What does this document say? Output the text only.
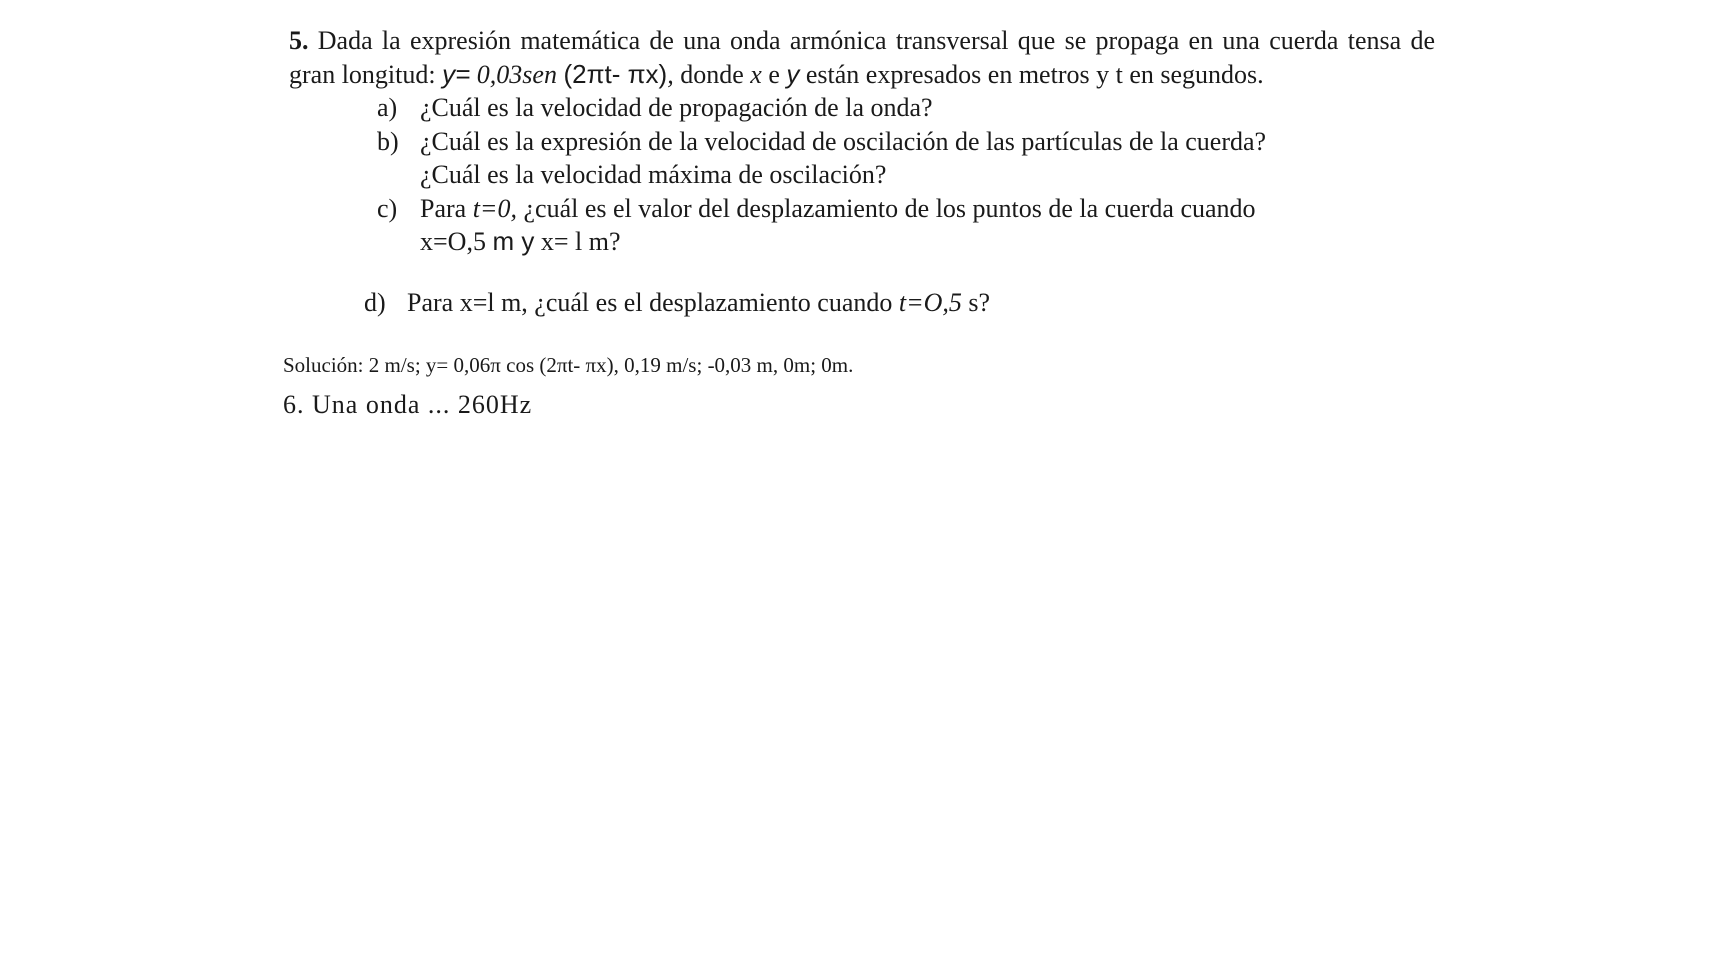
5. Dada la expresión matemática de una onda armónica transversal que se propaga en una cuerda tensa de gran longitud: y= 0,03sen (2πt- πx), donde x e y están expresados en metros y t en segundos.

a) ¿Cuál es la velocidad de propagación de la onda?
b) ¿Cuál es la expresión de la velocidad de oscilación de las partículas de la cuerda?
¿Cuál es la velocidad máxima de oscilación?
c) Para t=0, ¿cuál es el valor del desplazamiento de los puntos de la cuerda cuando
x=O,5 m y x= l m?
d) Para x=l m, ¿cuál es el desplazamiento cuando t=O,5 s?
Solución: 2 m/s; y= 0,06π cos (2πt- πx), 0,19 m/s; -0,03 m, 0m; 0m.
6. Una onda ... 260Hz
